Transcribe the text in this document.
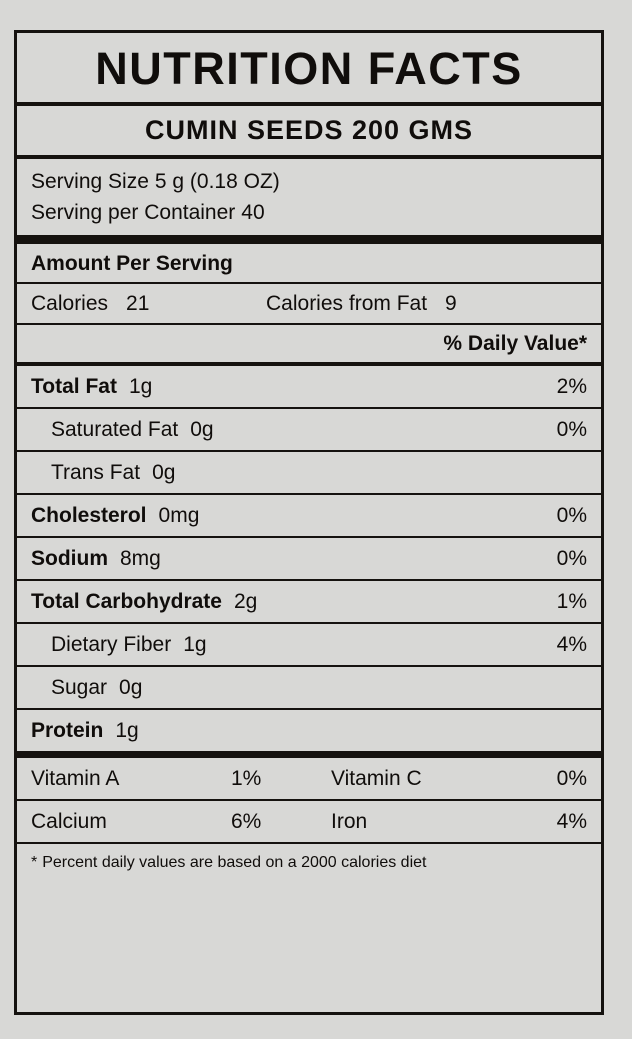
NUTRITION FACTS
CUMIN SEEDS 200 GMS
Serving Size 5 g (0.18 OZ)
Serving per Container 40
Amount Per Serving
Calories 21	Calories from Fat 9
% Daily Value*
Total Fat 1g	2%
Saturated Fat 0g	0%
Trans Fat 0g
Cholesterol 0mg	0%
Sodium 8mg	0%
Total Carbohydrate 2g	1%
Dietary Fiber 1g	4%
Sugar 0g
Protein 1g
Vitamin A	1%	Vitamin C	0%
Calcium	6%	Iron	4%
* Percent daily values are based on a 2000 calories diet
